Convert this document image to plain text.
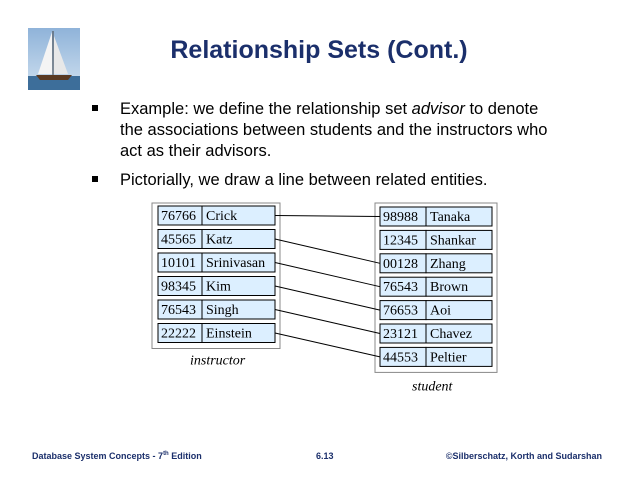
Relationship Sets (Cont.)
Example: we define the relationship set advisor to denote the associations between students and the instructors who act as their advisors.
Pictorially, we draw a line between related entities.
76766 Crick
45565 Katz
10101 Srinivasan
98345 Kim
76543 Singh
22222 Einstein
98988 Tanaka
12345 Shankar
00128 Zhang
76543 Brown
76653 Aoi
23121 Chavez
44553 Peltier
instructor
student
Database System Concepts - 7th Edition	6.13	©Silberschatz, Korth and Sudarshan
